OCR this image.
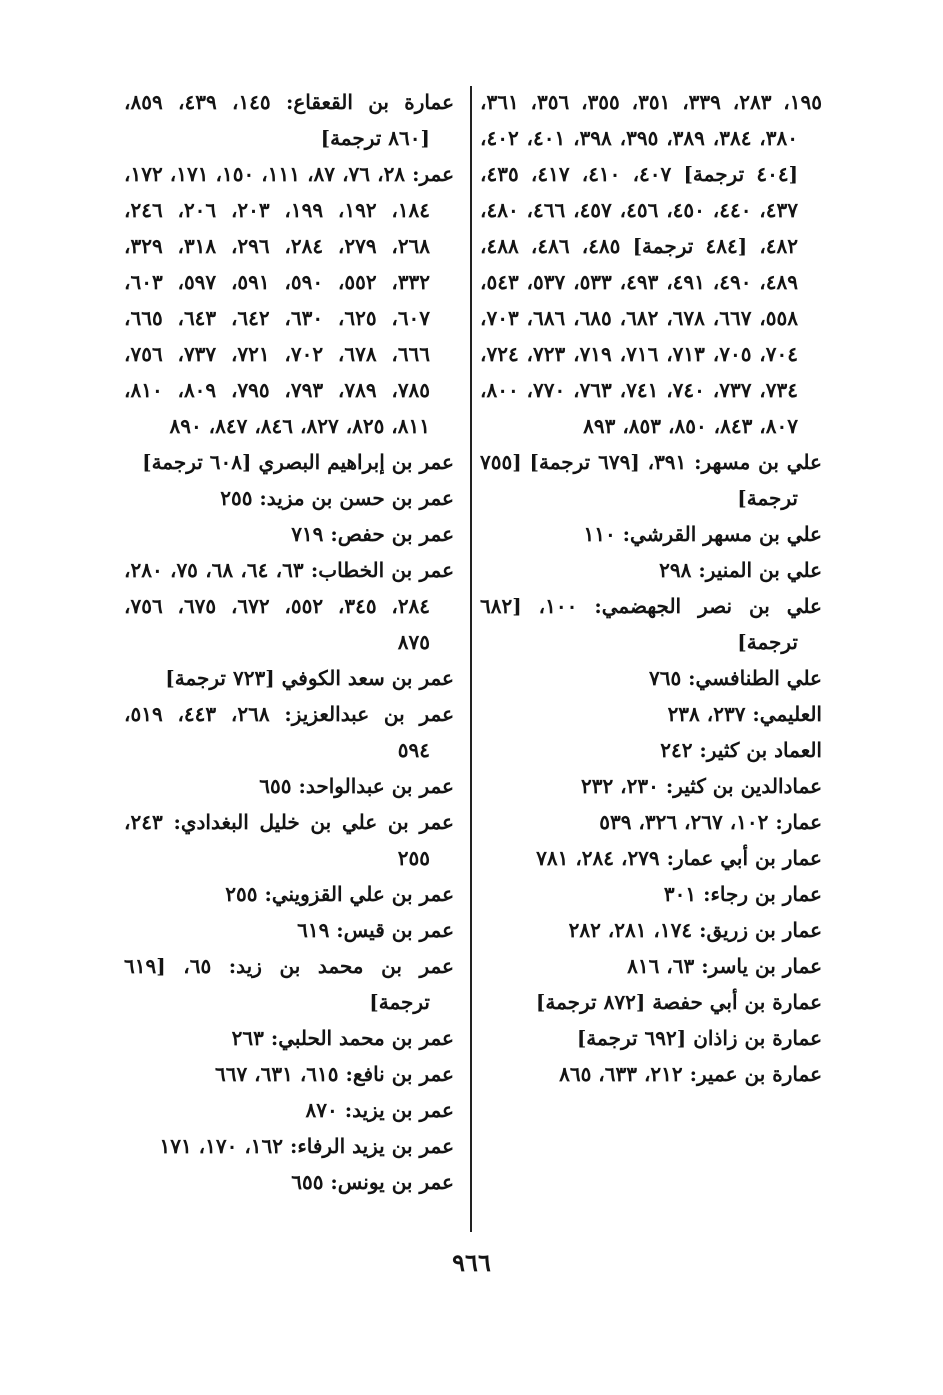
١٩٥، ٢٨٣، ٣٣٩، ٣٥١، ٣٥٥، ٣٥٦، ٣٦١، ٣٨٠، ٣٨٤، ٣٨٩، ٣٩٥، ٣٩٨، ٤٠١، ٤٠٢، [٤٠٤ ترجمة] ٤٠٧، ٤١٠، ٤١٧، ٤٣٥، ٤٣٧، ٤٤٠، ٤٥٠، ٤٥٦، ٤٥٧، ٤٦٦، ٤٨٠، ٤٨٢، [٤٨٤ ترجمة] ٤٨٥، ٤٨٦، ٤٨٨، ٤٨٩، ٤٩٠، ٤٩١، ٤٩٣، ٥٣٣، ٥٣٧، ٥٤٣، ٥٥٨، ٦٦٧، ٦٧٨، ٦٨٢، ٦٨٥، ٦٨٦، ٧٠٣، ٧٠٤، ٧٠٥، ٧١٣، ٧١٦، ٧١٩، ٧٢٣، ٧٢٤، ٧٣٤، ٧٣٧، ٧٤٠، ٧٤١، ٧٦٣، ٧٧٠، ٨٠٠، ٨٠٧، ٨٤٣، ٨٥٠، ٨٥٣، ٨٩٣

علي بن مسهر: ٣٩١، [٦٧٩ ترجمة] [٧٥٥ ترجمة]

علي بن مسهر القرشي: ١١٠

علي بن المنير: ٢٩٨

علي بن نصر الجهضمي: ١٠٠، [٦٨٢ ترجمة]

علي الطنافسي: ٧٦٥

العليمي: ٢٣٧، ٢٣٨

العماد بن كثير: ٢٤٢

عمادالدين بن كثير: ٢٣٠، ٢٣٢

عمار: ١٠٢، ٢٦٧، ٣٢٦، ٥٣٩

عمار بن أبي عمار: ٢٧٩، ٢٨٤، ٧٨١

عمار بن رجاء: ٣٠١

عمار بن زريق: ١٧٤، ٢٨١، ٢٨٢

عمار بن ياسر: ٦٣، ٨١٦

عمارة بن أبي حفصة [٨٧٢ ترجمة]

عمارة بن زاذان [٦٩٢ ترجمة]

عمارة بن عمير: ٢١٢، ٦٣٣، ٨٦٥

عمارة بن القعقاع: ١٤٥، ٤٣٩، ٨٥٩، [٨٦٠ ترجمة]

عمر: ٢٨، ٧٦، ٨٧، ١١١، ١٥٠، ١٧١، ١٧٢، ١٨٤، ١٩٢، ١٩٩، ٢٠٣، ٢٠٦، ٢٤٦، ٢٦٨، ٢٧٩، ٢٨٤، ٢٩٦، ٣١٨، ٣٢٩، ٣٣٢، ٥٥٢، ٥٩٠، ٥٩١، ٥٩٧، ٦٠٣، ٦٠٧، ٦٢٥، ٦٣٠، ٦٤٢، ٦٤٣، ٦٦٥، ٦٦٦، ٦٧٨، ٧٠٢، ٧٢١، ٧٣٧، ٧٥٦، ٧٨٥، ٧٨٩، ٧٩٣، ٧٩٥، ٨٠٩، ٨١٠، ٨١١، ٨٢٥، ٨٢٧، ٨٤٦، ٨٤٧، ٨٩٠

عمر بن إبراهيم البصري [٦٠٨ ترجمة]

عمر بن حسن بن مزيد: ٢٥٥

عمر بن حفص: ٧١٩

عمر بن الخطاب: ٦٣، ٦٤، ٦٨، ٧٥، ٢٨٠، ٢٨٤، ٣٤٥، ٥٥٢، ٦٧٢، ٦٧٥، ٧٥٦، ٨٧٥

عمر بن سعد الكوفي [٧٢٣ ترجمة]

عمر بن عبدالعزيز: ٢٦٨، ٤٤٣، ٥١٩، ٥٩٤

عمر بن عبدالواحد: ٦٥٥

عمر بن علي بن خليل البغدادي: ٢٤٣، ٢٥٥

عمر بن علي القزويني: ٢٥٥

عمر بن قيس: ٦١٩

عمر بن محمد بن زيد: ٦٥، [٦١٩ ترجمة]

عمر بن محمد الحلبي: ٢٦٣

عمر بن نافع: ٦١٥، ٦٣١، ٦٦٧

عمر بن يزيد: ٨٧٠

عمر بن يزيد الرفاء: ١٦٢، ١٧٠، ١٧١

عمر بن يونس: ٦٥٥

٩٦٦
